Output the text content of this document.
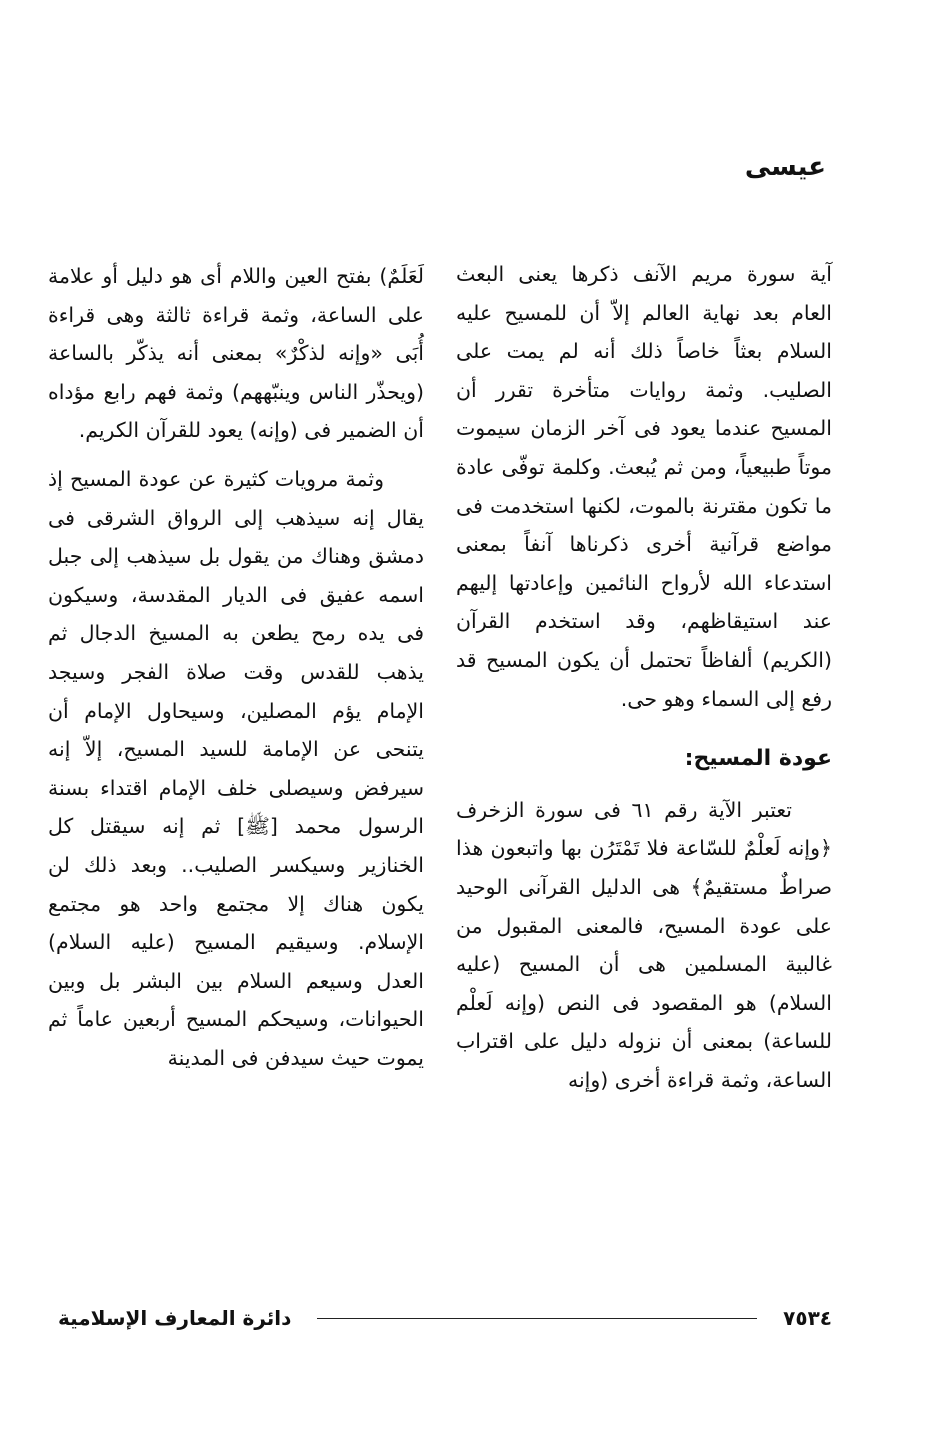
عيسى

آية سورة مريم الآنف ذكرها يعنى البعث العام بعد نهاية العالم إلاّ أن للمسيح عليه السلام بعثاً خاصاً ذلك أنه لم يمت على الصليب. وثمة روايات متأخرة تقرر أن المسيح عندما يعود فى آخر الزمان سيموت موتاً طبيعياً، ومن ثم يُبعث. وكلمة توفّى عادة ما تكون مقترنة بالموت، لكنها استخدمت فى مواضع قرآنية أخرى ذكرناها آنفاً بمعنى استدعاء الله لأرواح النائمين وإعادتها إليهم عند استيقاظهم، وقد استخدم القرآن (الكريم) ألفاظاً تحتمل أن يكون المسيح قد رفع إلى السماء وهو حى.

عودة المسيح:

تعتبر الآية رقم ٦١ فى سورة الزخرف ﴿وإنه لَعلْمٌ للسّاعة فلا تَمْتَرُن بها واتبعون هذا صراطٌ مستقيمٌ﴾ هى الدليل القرآنى الوحيد على عودة المسيح، فالمعنى المقبول من غالبية المسلمين هى أن المسيح (عليه السلام) هو المقصود فى النص (وإنه لَعلْم للساعة) بمعنى أن نزوله دليل على اقتراب الساعة، وثمة قراءة أخرى (وإنه

لَعَلَمٌ) بفتح العين واللام أى هو دليل أو علامة على الساعة، وثمة قراءة ثالثة وهى قراءة أُبَى «وإنه لذكْرٌ» بمعنى أنه يذكّر بالساعة (ويحذّر الناس وينبّههم) وثمة فهم رابع مؤداه أن الضمير فى (وإنه) يعود للقرآن الكريم.

وثمة مرويات كثيرة عن عودة المسيح إذ يقال إنه سيذهب إلى الرواق الشرقى فى دمشق وهناك من يقول بل سيذهب إلى جبل اسمه عفيق فى الديار المقدسة، وسيكون فى يده رمح يطعن به المسيخ الدجال ثم يذهب للقدس وقت صلاة الفجر وسيجد الإمام يؤم المصلين، وسيحاول الإمام أن يتنحى عن الإمامة للسيد المسيح، إلاّ إنه سيرفض وسيصلى خلف الإمام اقتداء بسنة الرسول محمد [ﷺ] ثم إنه سيقتل كل الخنازير وسيكسر الصليب.. وبعد ذلك لن يكون هناك إلا مجتمع واحد هو مجتمع الإسلام. وسيقيم المسيح (عليه السلام) العدل وسيعم السلام بين البشر بل وبين الحيوانات، وسيحكم المسيح أربعين عاماً ثم يموت حيث سيدفن فى المدينة

٧٥٣٤
دائرة المعارف الإسلامية
